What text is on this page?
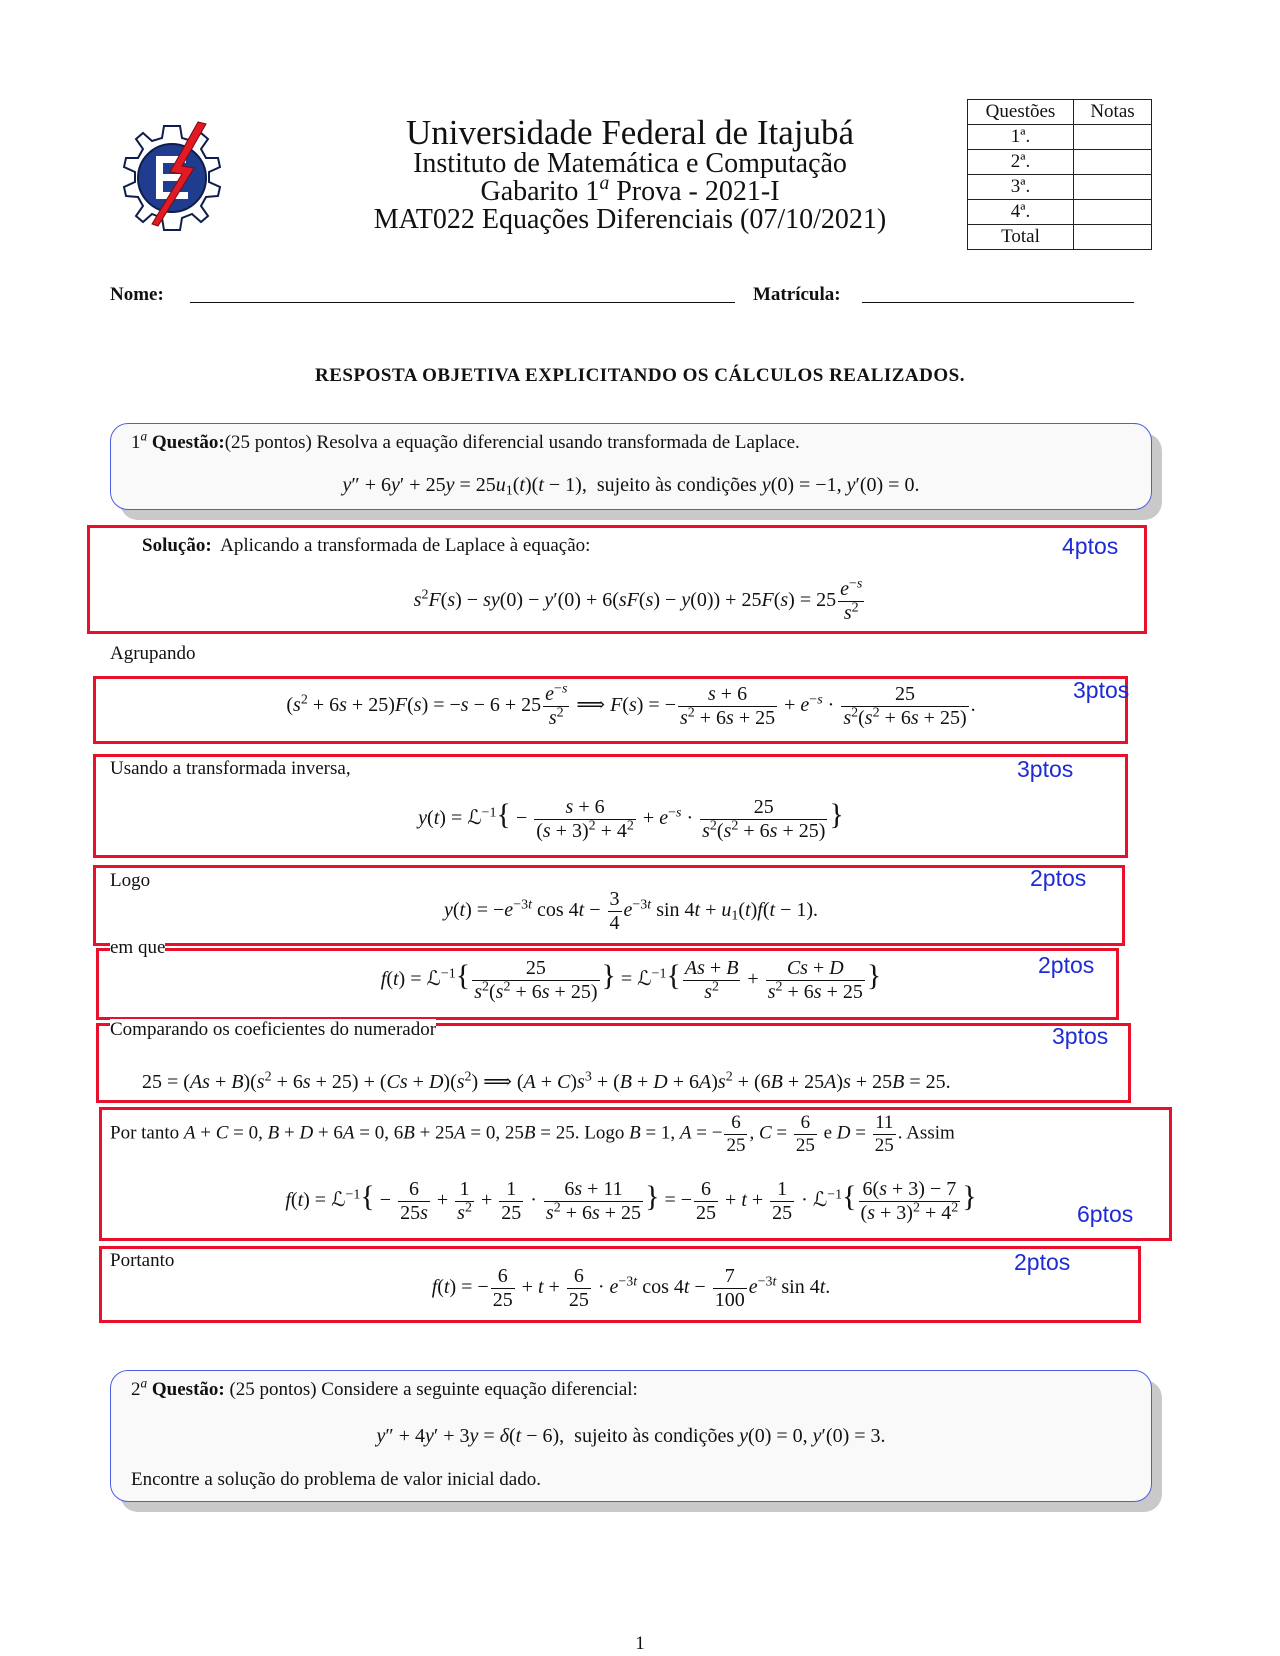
Universidade Federal de Itajubá
Instituto de Matemática e Computação
Gabarito 1$^a$ Prova - 2021-I
MAT022 Equações Diferenciais (07/10/2021)
Questões	Notas
1ª.	
2ª.	
3ª.	
4ª.	
Total	
Nome:	Matrícula:
RESPOSTA OBJETIVA EXPLICITANDO OS CÁLCULOS REALIZADOS.
1$^a$ Questão:(25 pontos) Resolva a equação diferencial usando transformada de Laplace.
$y'' + 6y' + 25y = 25u_1(t)(t - 1)$,  sujeito às condições y(0) = −1, y′(0) = 0.
Solução: Aplicando a transformada de Laplace à equação:	4ptos
$s^2F(s) - sy(0) - y'(0) + 6(sF(s) - y(0)) + 25F(s) = 25 \frac{e^{-s}}{s^2}$
Agrupando
3ptos
$(s^2 + 6s + 25)F(s) = -s - 6 + 25 \frac{e^{-s}}{s^2}$ ⟹ F(s) = − $\frac{s + 6}{s^2 + 6s + 25} + e^{-s} \cdot \frac{25}{s^2(s^2 + 6s + 25)}$ .
Usando a transformada inversa,	3ptos
y(t) = ℒ$^{-1}${ − $\frac{s + 6}{(s + 3)^2 + 4^2} + e^{-s} \cdot \frac{25}{s^2(s^2 + 6s + 25)}$ }
Logo	2ptos
$y(t) = -e^{-3t}$ $\cos 4t - \frac{3}{4} e^{-3t}$ $\sin 4t + u_1(t)f(t - 1)$.
em que
2ptos
f(t) = ℒ$^{-1}${ $\frac{25}{s^2(s^2 + 6s + 25)}$ } = ℒ$^{-1}${ $\frac{As + B}{s^2} + \frac{Cs + D}{s^2 + 6s + 25}$ }
Comparando os coeficientes do numerador	3ptos
$25 = (As + B)(s^2 + 6s + 25) + (Cs + D)(s^2)$ ⟹ $(A + C)s^3 + (B + D + 6A)s^2 + (6B + 25A)s + 25B = 25$.
Por tanto A + C = 0, B + D + 6A = 0, 6B + 25A = 0, 25B = 25. Logo B = 1, A = − $\frac{6}{25}$ , $C = \frac{6}{25}$ e $D = \frac{11}{25}$ . Assim
f(t) = ℒ$^{-1}${ − $\frac{6}{25s} + \frac{1}{s^2} + \frac{1}{25} \cdot \frac{6s + 11}{s^2 + 6s + 25}$ } = − $\frac{6}{25} + t + \frac{1}{25}$ · ℒ$^{-1}${ $\frac{6(s + 3) - 7}{(s + 3)^2 + 4^2}$ }
6ptos
Portanto	2ptos
f(t) = − $\frac{6}{25} + t + \frac{6}{25} \cdot e^{-3t}$ $\cos 4t - \frac{7}{100} e^{-3t}$ sin 4t.
2$^a$ Questão: (25 pontos) Considere a seguinte equação diferencial:
y″ + 4y′ + 3y = δ(t − 6),  sujeito às condições y(0) = 0, y′(0) = 3.
Encontre a solução do problema de valor inicial dado.
1
